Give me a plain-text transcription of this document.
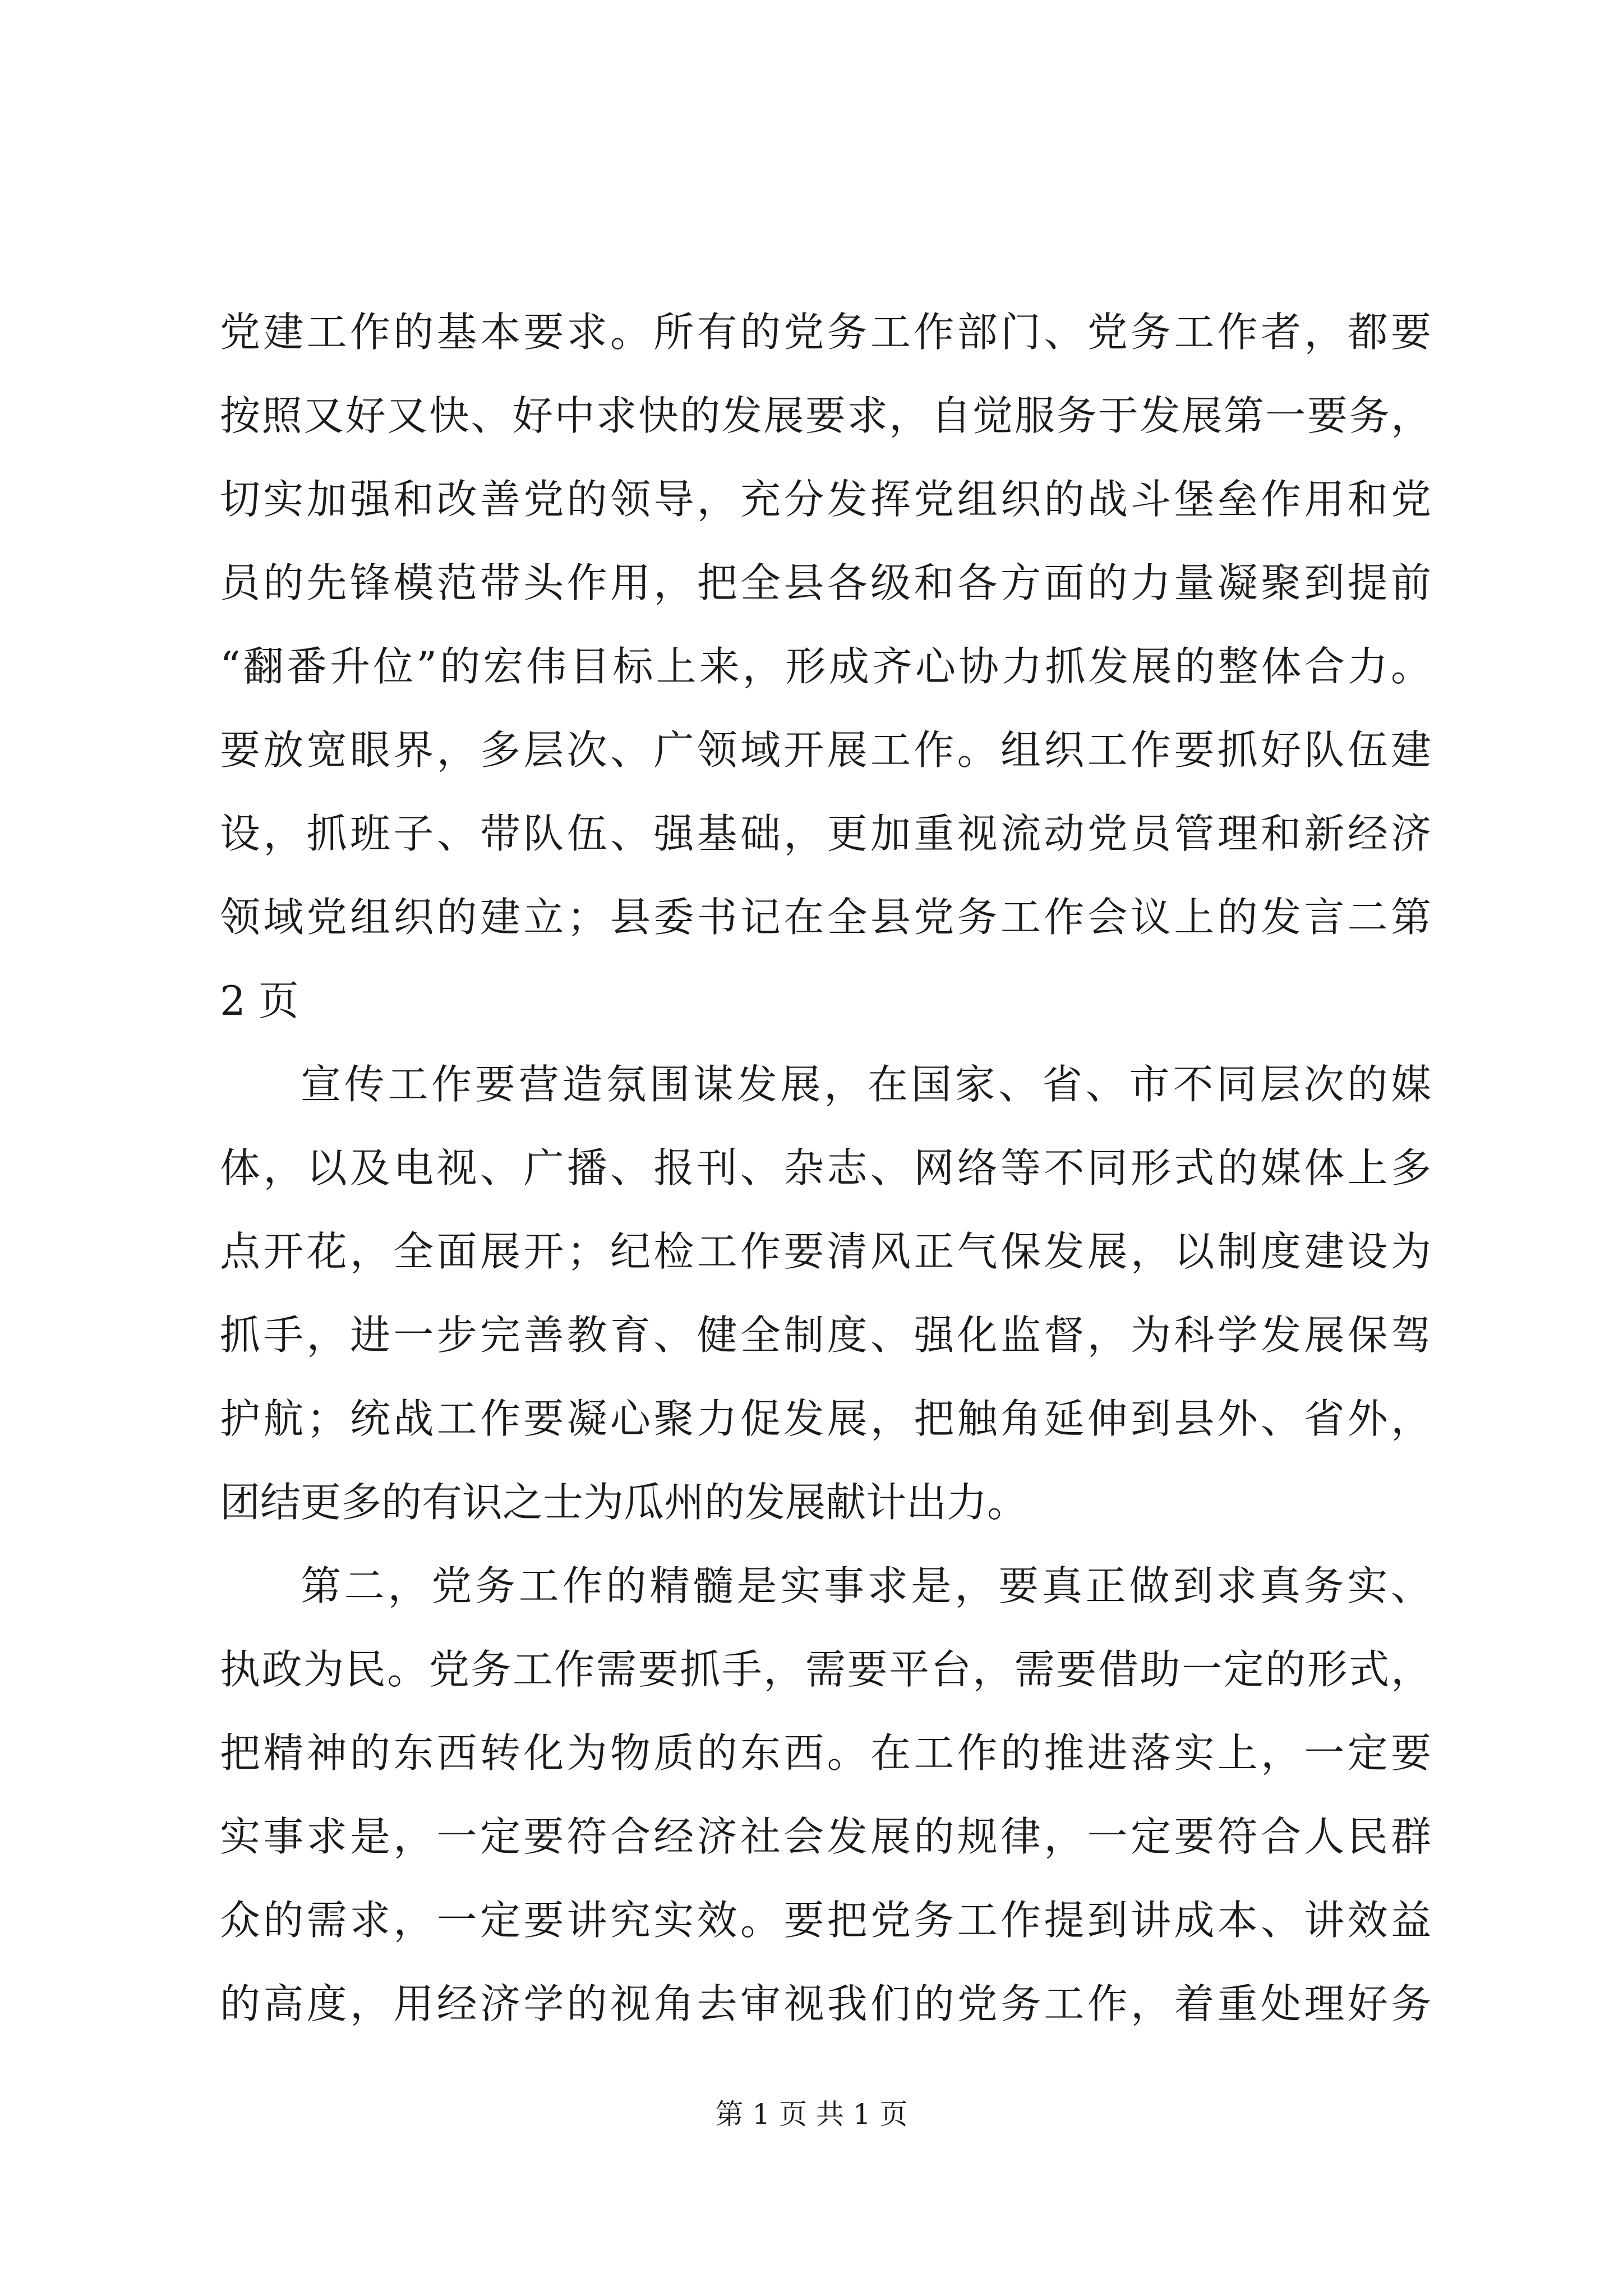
党建工作的基本要求。所有的党务工作部门、党务工作者，都要
按照又好又快、好中求快的发展要求，自觉服务于发展第一要务，
切实加强和改善党的领导，充分发挥党组织的战斗堡垒作用和党
员的先锋模范带头作用，把全县各级和各方面的力量凝聚到提前
“翻番升位”的宏伟目标上来，形成齐心协力抓发展的整体合力。
要放宽眼界，多层次、广领域开展工作。组织工作要抓好队伍建
设，抓班子、带队伍、强基础，更加重视流动党员管理和新经济
领域党组织的建立；县委书记在全县党务工作会议上的发言二第
2 页
宣传工作要营造氛围谋发展，在国家、省、市不同层次的媒
体，以及电视、广播、报刊、杂志、网络等不同形式的媒体上多
点开花，全面展开；纪检工作要清风正气保发展，以制度建设为
抓手，进一步完善教育、健全制度、强化监督，为科学发展保驾
护航；统战工作要凝心聚力促发展，把触角延伸到县外、省外，
团结更多的有识之士为瓜州的发展献计出力。
第二，党务工作的精髓是实事求是，要真正做到求真务实、
执政为民。党务工作需要抓手，需要平台，需要借助一定的形式，
把精神的东西转化为物质的东西。在工作的推进落实上，一定要
实事求是，一定要符合经济社会发展的规律，一定要符合人民群
众的需求，一定要讲究实效。要把党务工作提到讲成本、讲效益
的高度，用经济学的视角去审视我们的党务工作，着重处理好务
第 1 页 共 1 页
